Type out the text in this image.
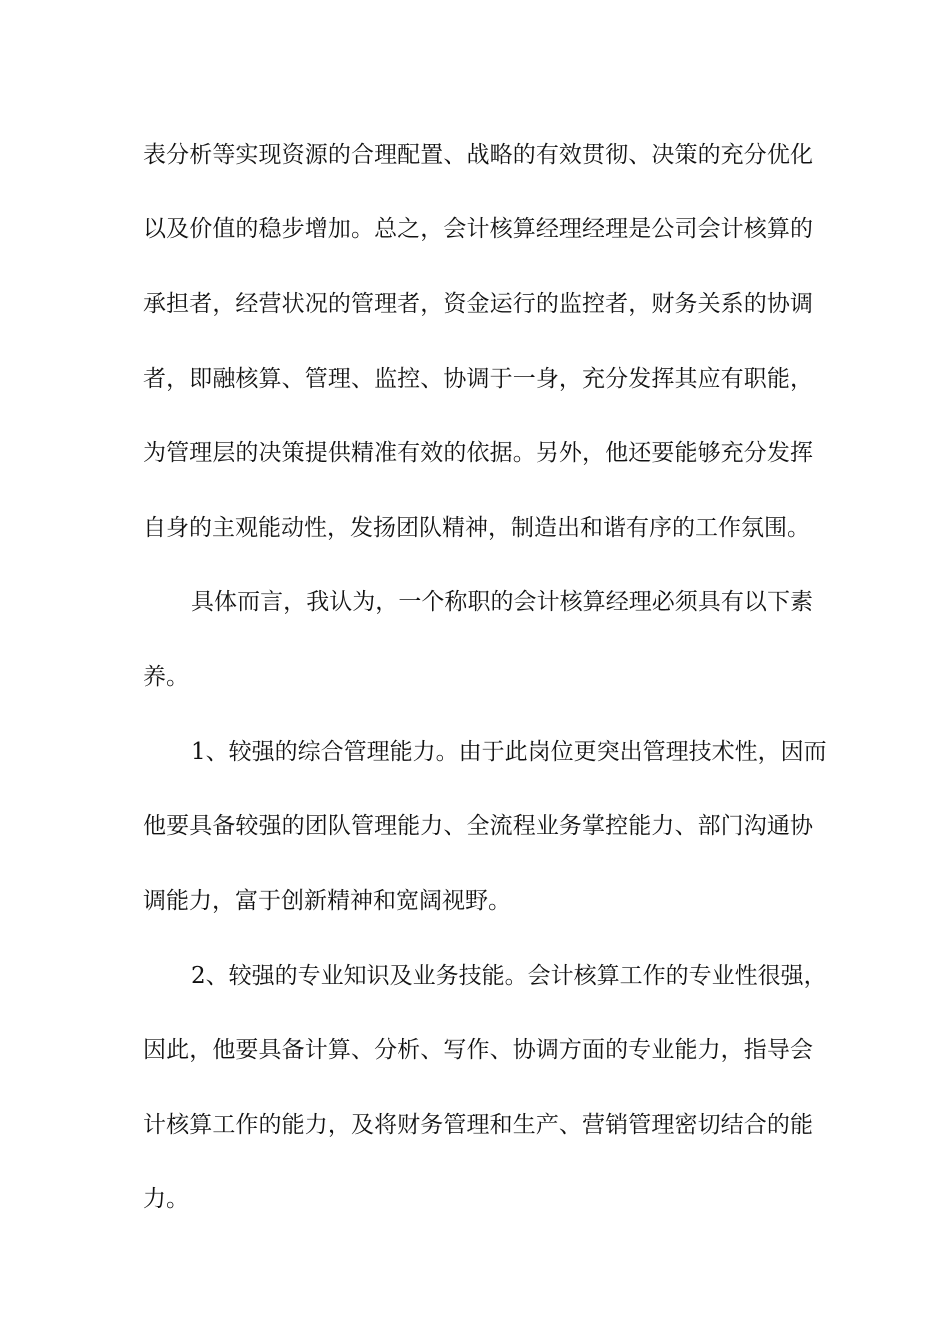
表分析等实现资源的合理配置、战略的有效贯彻、决策的充分优化
以及价值的稳步增加。总之，会计核算经理经理是公司会计核算的
承担者，经营状况的管理者，资金运行的监控者，财务关系的协调
者，即融核算、管理、监控、协调于一身，充分发挥其应有职能，
为管理层的决策提供精准有效的依据。另外，他还要能够充分发挥
自身的主观能动性，发扬团队精神，制造出和谐有序的工作氛围。
具体而言，我认为，一个称职的会计核算经理必须具有以下素
养。
1、较强的综合管理能力。由于此岗位更突出管理技术性，因而
他要具备较强的团队管理能力、全流程业务掌控能力、部门沟通协
调能力，富于创新精神和宽阔视野。
2、较强的专业知识及业务技能。会计核算工作的专业性很强，
因此，他要具备计算、分析、写作、协调方面的专业能力，指导会
计核算工作的能力，及将财务管理和生产、营销管理密切结合的能
力。
